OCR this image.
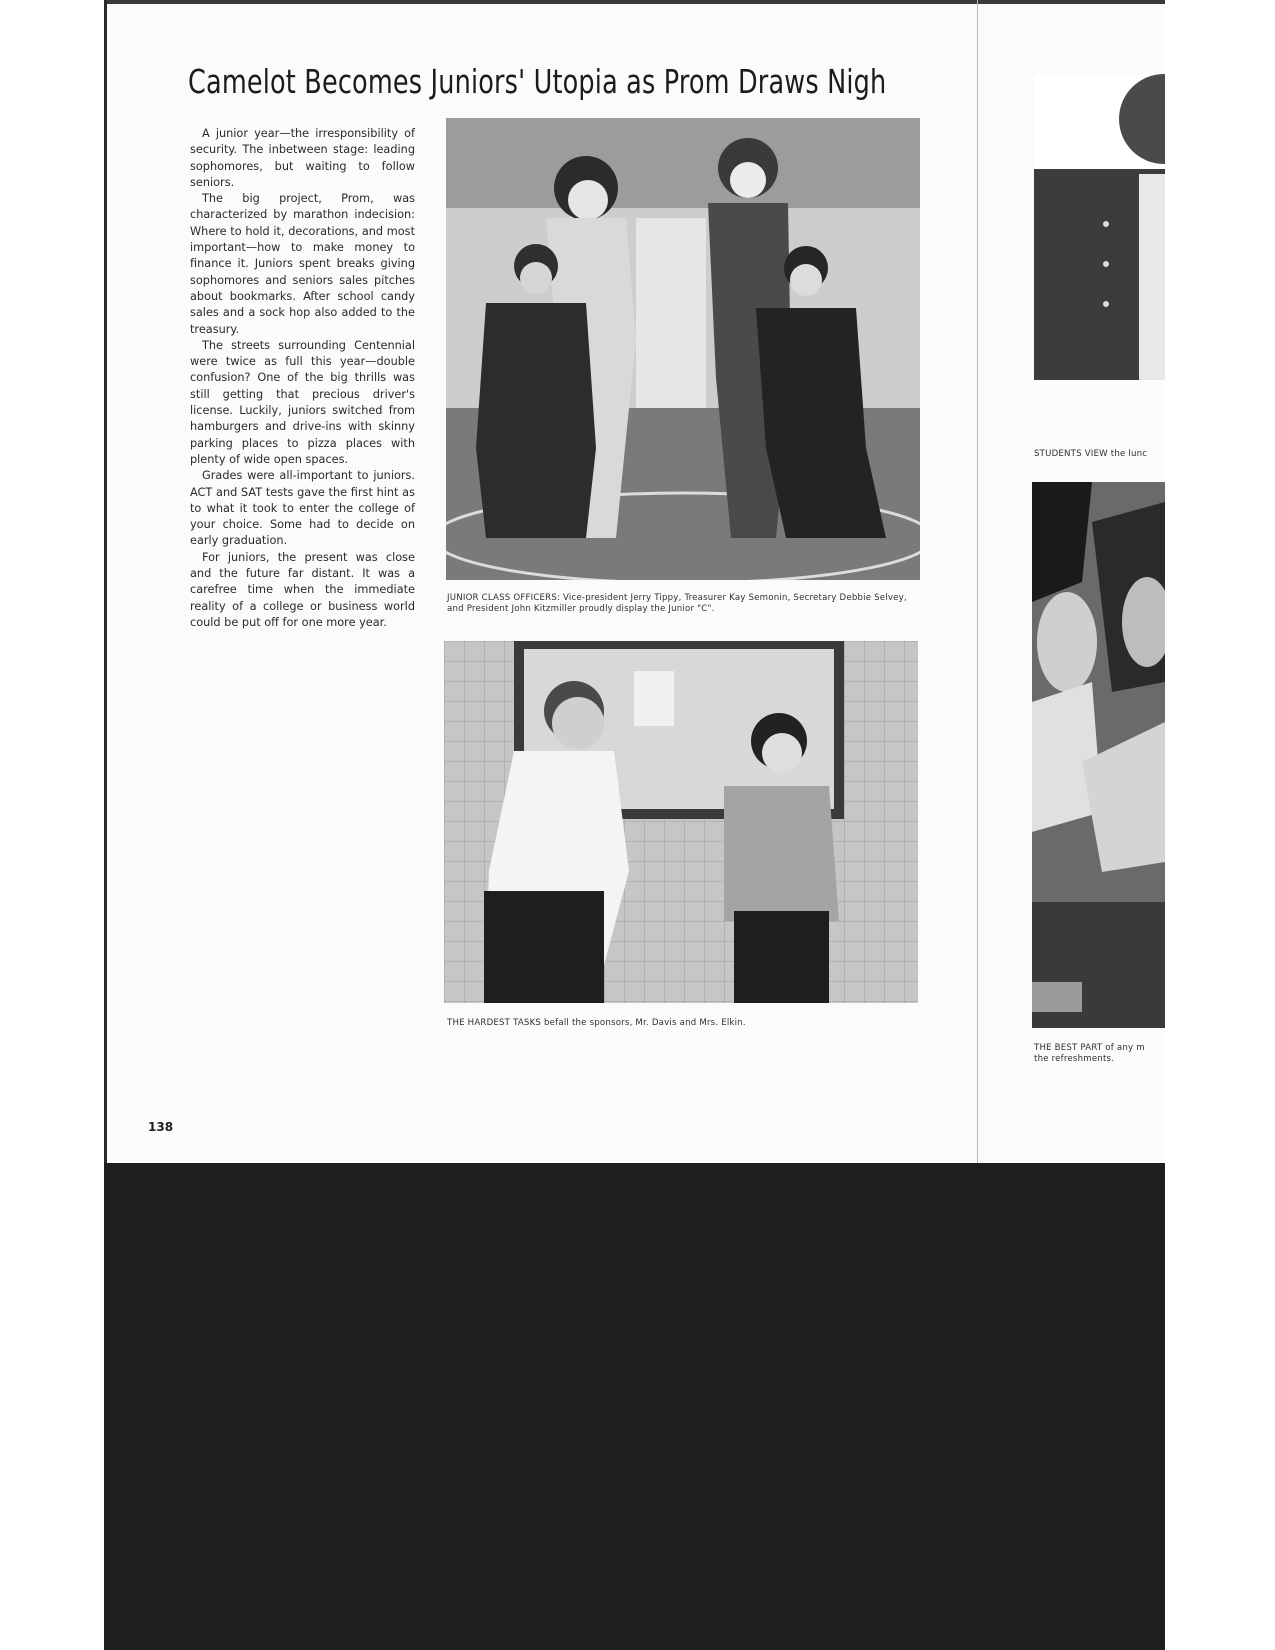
Camelot Becomes Juniors' Utopia as Prom Draws Nigh

A junior year—the irresponsibility of security. The inbetween stage: leading sophomores, but waiting to follow seniors.

The big project, Prom, was characterized by marathon indecision: Where to hold it, decorations, and most important—how to make money to finance it. Juniors spent breaks giving sophomores and seniors sales pitches about bookmarks. After school candy sales and a sock hop also added to the treasury.

The streets surrounding Centennial were twice as full this year—double confusion? One of the big thrills was still getting that precious driver's license. Luckily, juniors switched from hamburgers and drive-ins with skinny parking places to pizza places with plenty of wide open spaces.

Grades were all-important to juniors. ACT and SAT tests gave the first hint as to what it took to enter the college of your choice. Some had to decide on early graduation.

For juniors, the present was close and the future far distant. It was a carefree time when the immediate reality of a college or business world could be put off for one more year.

JUNIOR CLASS OFFICERS: Vice-president Jerry Tippy, Treasurer Kay Semonin, Secretary Debbie Selvey, and President John Kitzmiller proudly display the Junior "C".
THE HARDEST TASKS befall the sponsors, Mr. Davis and Mrs. Elkin.
STUDENTS VIEW the lunc
THE BEST PART of any m
the refreshments.
138
